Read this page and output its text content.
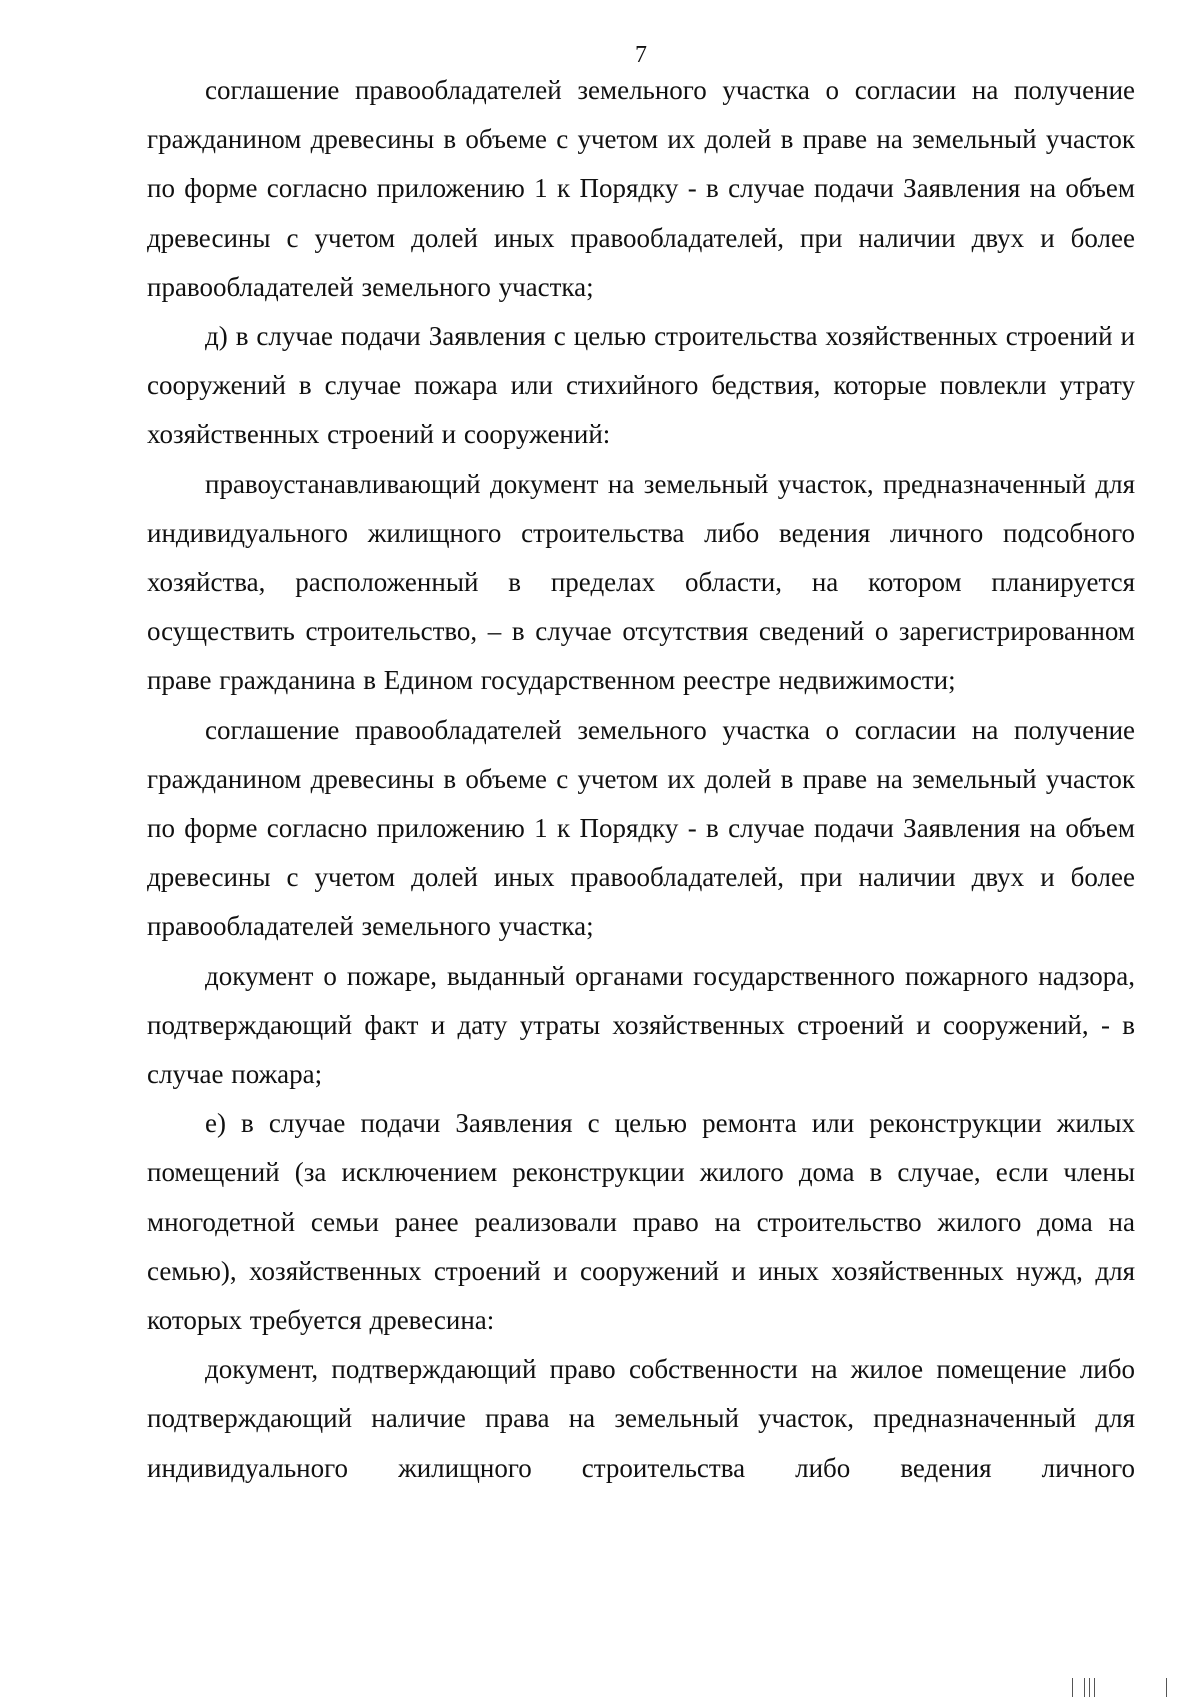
7

соглашение правообладателей земельного участка о согласии на получение гражданином древесины в объеме с учетом их долей в праве на земельный участок по форме согласно приложению 1 к Порядку - в случае подачи Заявления на объем древесины с учетом долей иных правообладателей, при наличии двух и более правообладателей земельного участка;

д) в случае подачи Заявления с целью строительства хозяйственных строений и сооружений в случае пожара или стихийного бедствия, которые повлекли утрату хозяйственных строений и сооружений:

правоустанавливающий документ на земельный участок, предназначенный для индивидуального жилищного строительства либо ведения личного подсобного хозяйства, расположенный в пределах области, на котором планируется осуществить строительство, – в случае отсутствия сведений о зарегистрированном праве гражданина в Едином государственном реестре недвижимости;

соглашение правообладателей земельного участка о согласии на получение гражданином древесины в объеме с учетом их долей в праве на земельный участок по форме согласно приложению 1 к Порядку - в случае подачи Заявления на объем древесины с учетом долей иных правообладателей, при наличии двух и более правообладателей земельного участка;

документ о пожаре, выданный органами государственного пожарного надзора, подтверждающий факт и дату утраты хозяйственных строений и сооружений, - в случае пожара;

е) в случае подачи Заявления с целью ремонта или реконструкции жилых помещений (за исключением реконструкции жилого дома в случае, если члены многодетной семьи ранее реализовали право на строительство жилого дома на семью), хозяйственных строений и сооружений и иных хозяйственных нужд, для которых требуется древесина:

документ, подтверждающий право собственности на жилое помещение либо подтверждающий наличие права на земельный участок, предназначенный для индивидуального жилищного строительства либо ведения личного
